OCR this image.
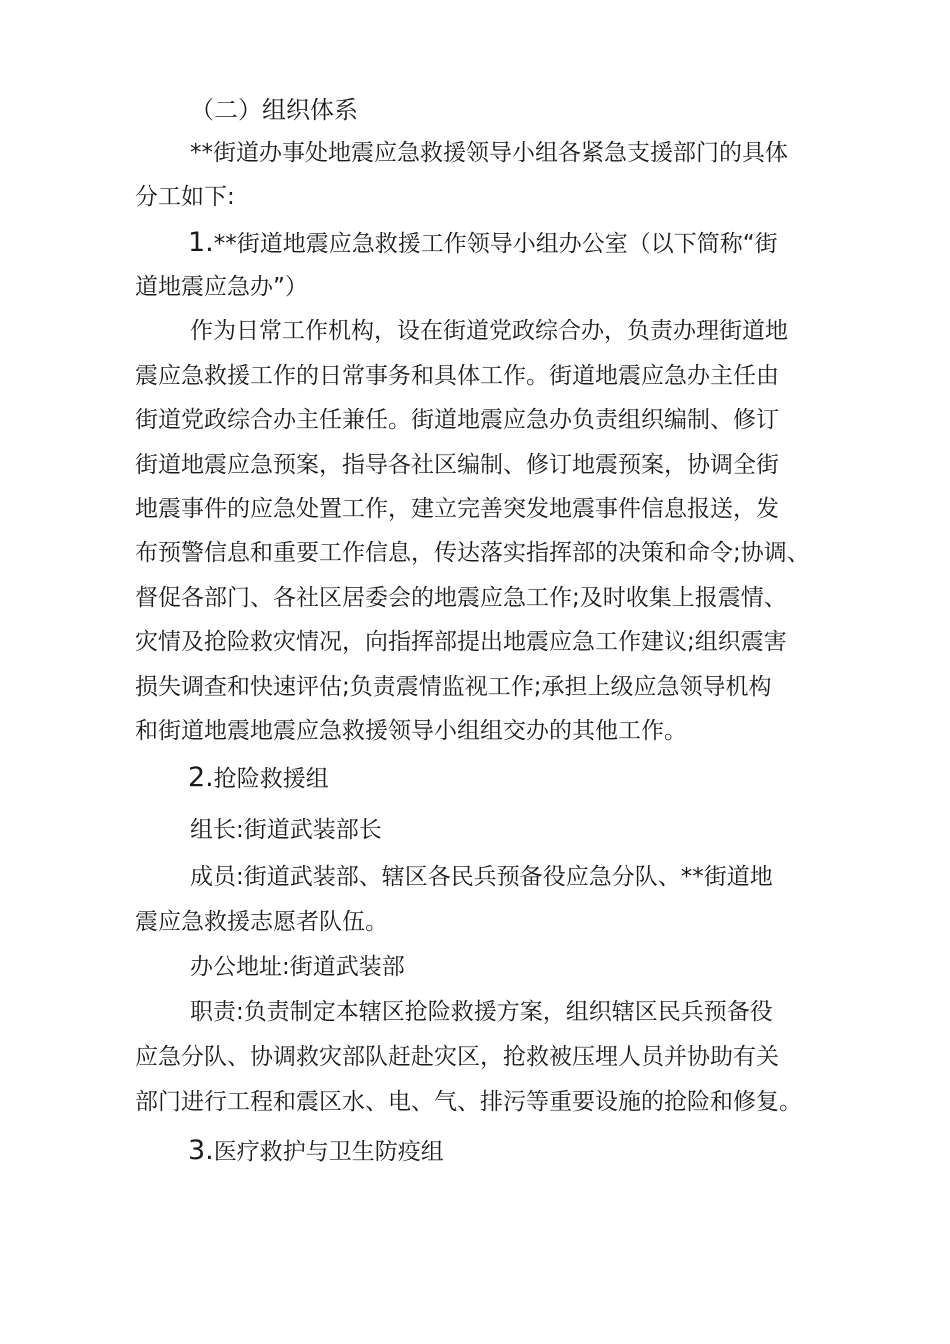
（二）组织体系
**街道办事处地震应急救援领导小组各紧急支援部门的具体
分工如下:
1.**街道地震应急救援工作领导小组办公室（以下简称“街
道地震应急办”）
作为日常工作机构，设在街道党政综合办，负责办理街道地
震应急救援工作的日常事务和具体工作。街道地震应急办主任由
街道党政综合办主任兼任。街道地震应急办负责组织编制、修订
街道地震应急预案，指导各社区编制、修订地震预案，协调全街
地震事件的应急处置工作，建立完善突发地震事件信息报送，发
布预警信息和重要工作信息，传达落实指挥部的决策和命令;协调、
督促各部门、各社区居委会的地震应急工作;及时收集上报震情、
灾情及抢险救灾情况，向指挥部提出地震应急工作建议;组织震害
损失调查和快速评估;负责震情监视工作;承担上级应急领导机构
和街道地震地震应急救援领导小组组交办的其他工作。
2.抢险救援组
组长:街道武装部长
成员:街道武装部、辖区各民兵预备役应急分队、**街道地
震应急救援志愿者队伍。
办公地址:街道武装部
职责:负责制定本辖区抢险救援方案，组织辖区民兵预备役
应急分队、协调救灾部队赶赴灾区，抢救被压埋人员并协助有关
部门进行工程和震区水、电、气、排污等重要设施的抢险和修复。
3.医疗救护与卫生防疫组
